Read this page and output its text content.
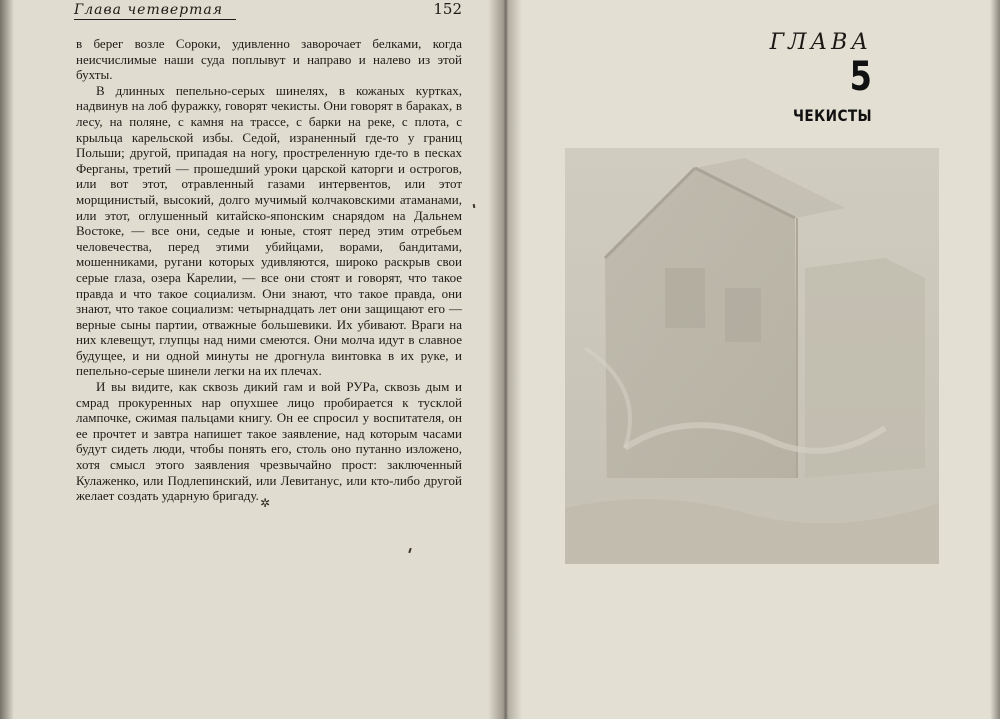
Глава четвертая	152

в берег возле Сороки, удивленно заворочает белками, когда неисчислимые наши суда поплывут и направо и налево из этой бухты.

В длинных пепельно-серых шинелях, в кожаных куртках, надвинув на лоб фуражку, говорят чекисты. Они говорят в бараках, в лесу, на поляне, с камня на трассе, с барки на реке, с плота, с крыльца карельской избы. Седой, израненный где-то у границ Польши; другой, припадая на ногу, простреленную где-то в песках Ферганы, третий — прошедший уроки царской каторги и острогов, или вот этот, отравленный газами интервентов, или этот морщинистый, высокий, долго мучимый колчаковскими атаманами, или этот, оглушенный китайско-японским снарядом на Дальнем Востоке, — все они, седые и юные, стоят перед этим отребьем человечества, перед этими убийцами, ворами, бандитами, мошенниками, ругани которых удивляются, широко раскрыв свои серые глаза, озера Карелии, — все они стоят и говорят, что такое правда и что такое социализм. Они знают, что такое правда, они знают, что такое социализм: четырнадцать лет они защищают его — верные сыны партии, отважные большевики. Их убивают. Враги на них клевещут, глупцы над ними смеются. Они молча идут в славное будущее, и ни одной минуты не дрогнула винтовка в их руке, и пепельно-серые шинели легки на их плечах.

И вы видите, как сквозь дикий гам и вой РУРа, сквозь дым и смрад прокуренных нар опухшее лицо пробирается к тусклой лампочке, сжимая пальцами книгу. Он ее спросил у воспитателя, он ее прочтет и завтра напишет такое заявление, над которым часами будут сидеть люди, чтобы понять его, столь оно путанно изложено, хотя смысл этого заявления чрезвычайно прост: заключенный Кулаженко, или Подлепинский, или Левитанус, или кто-либо другой желает создать ударную бригаду. ✲
ГЛАВА
5
ЧЕКИСТЫ
